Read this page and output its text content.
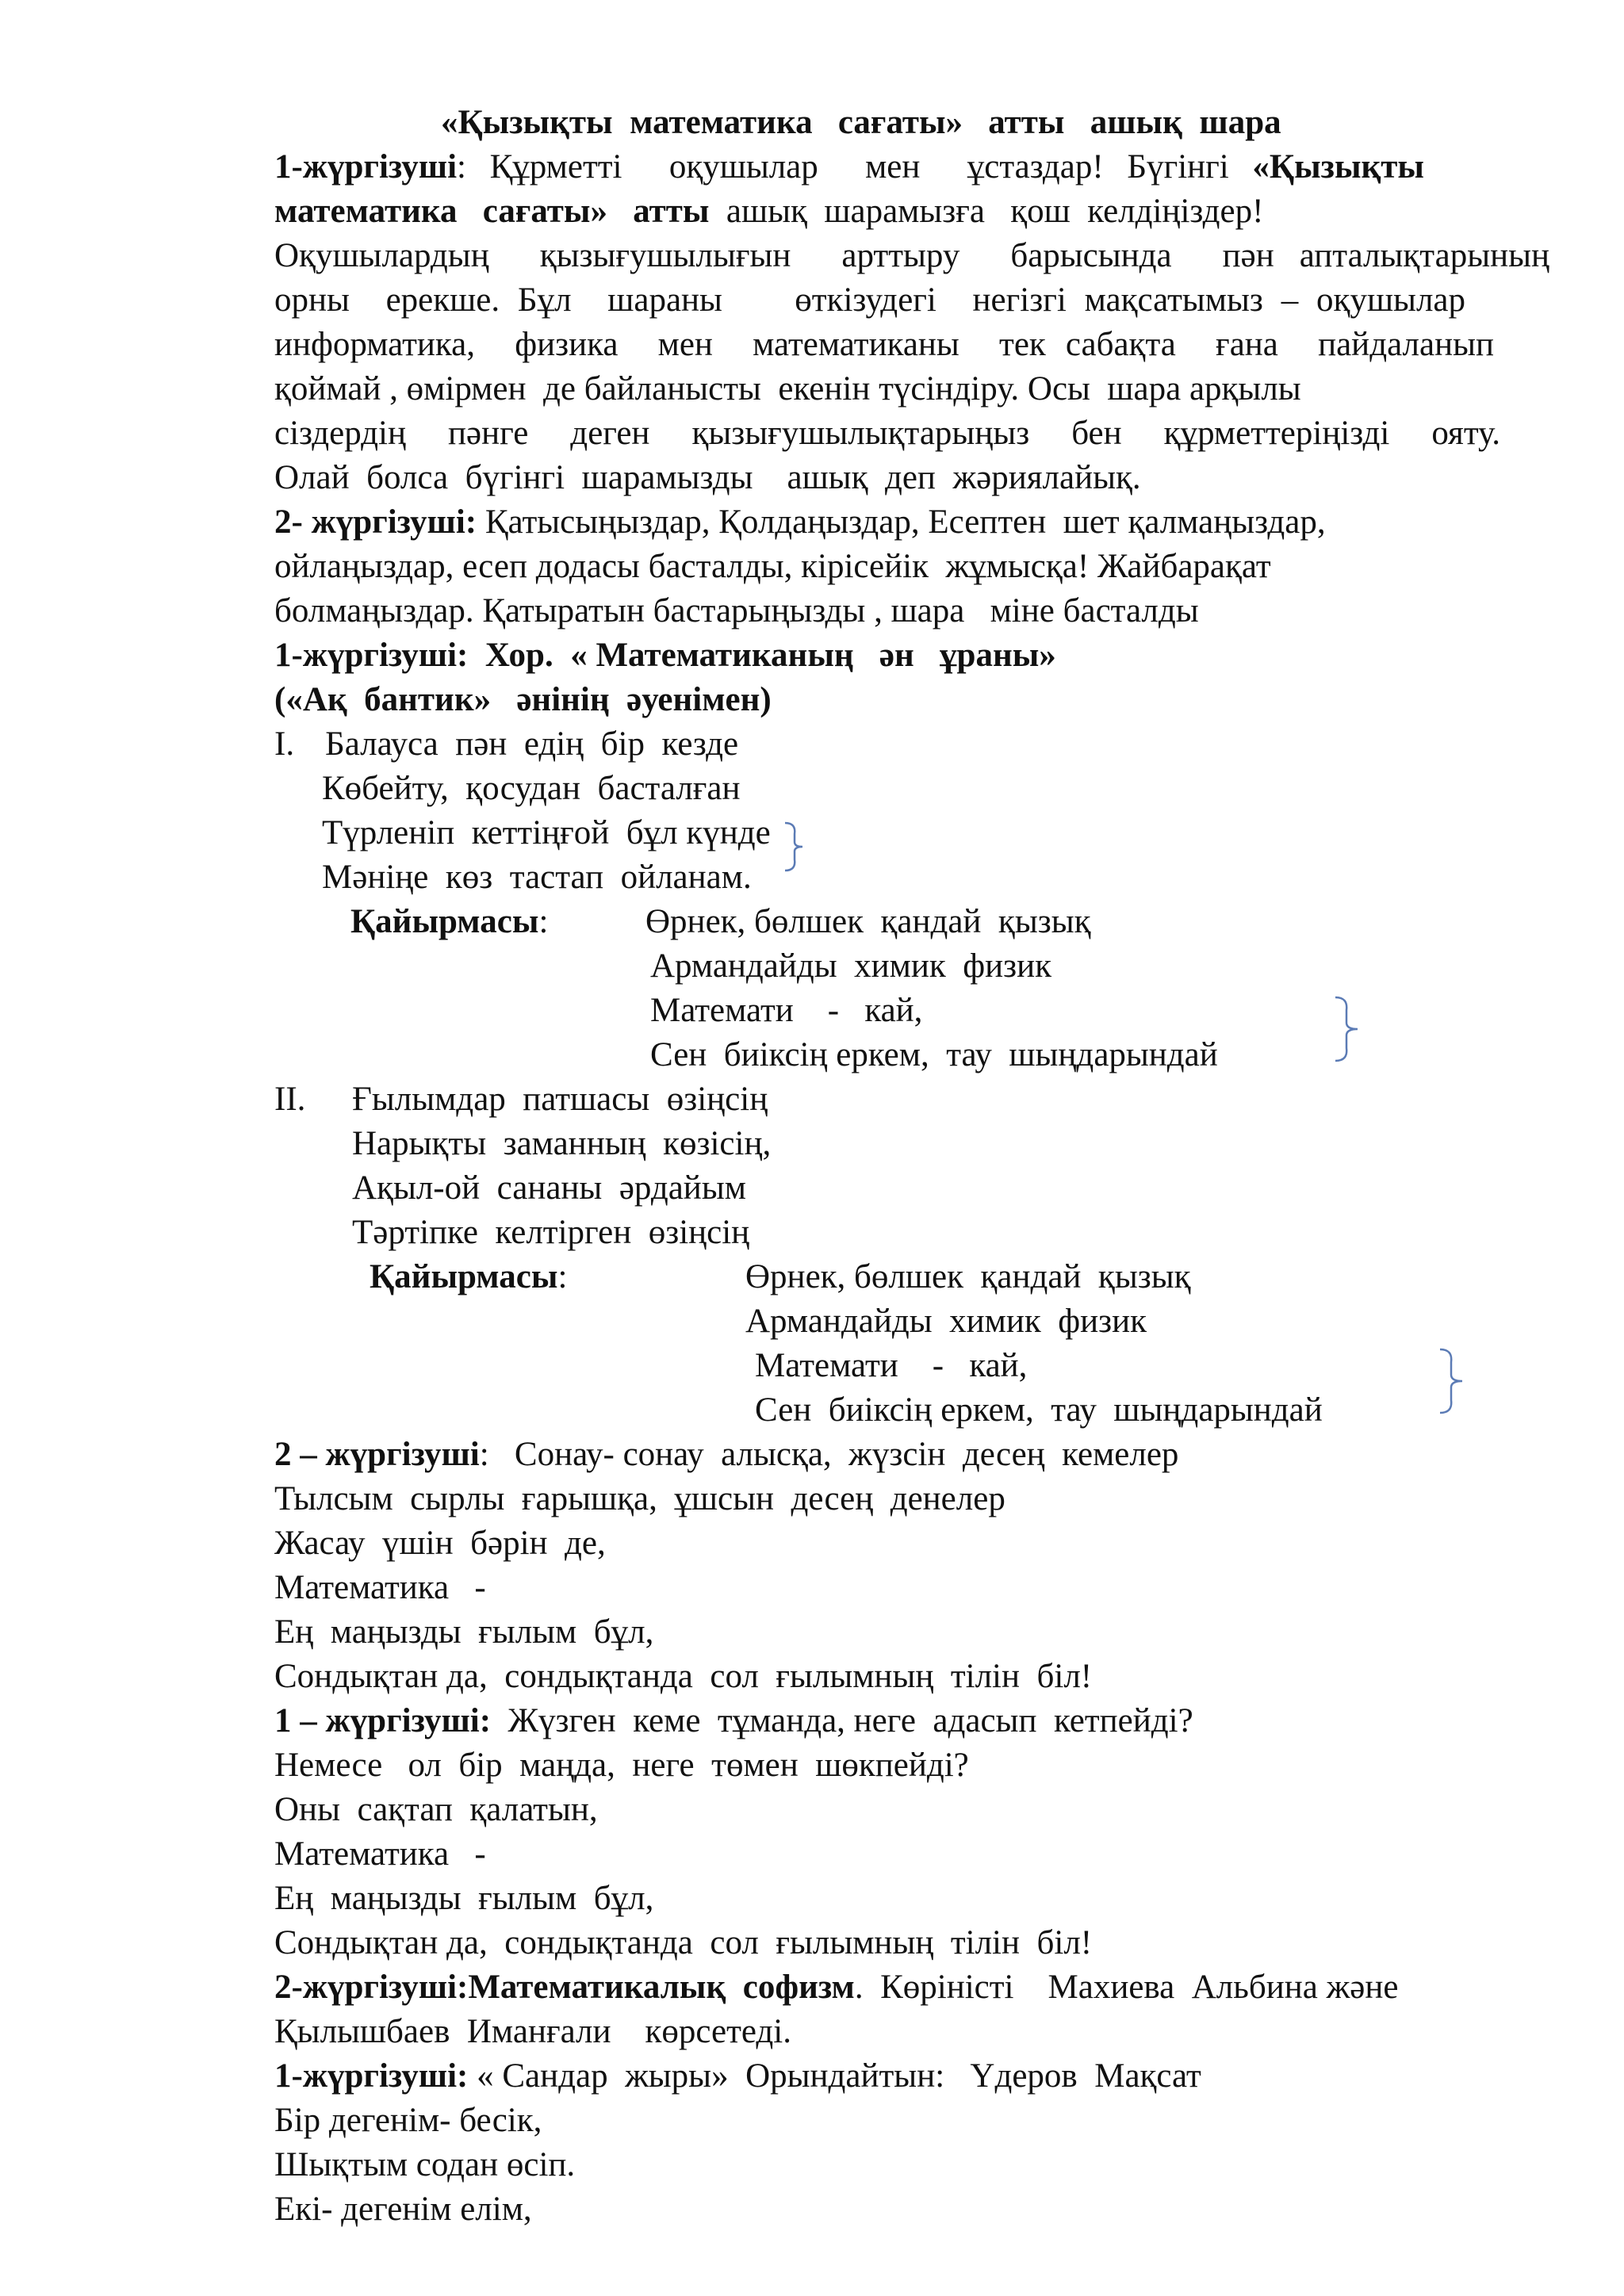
«Қызықты  математика   сағаты»   атты   ашық  шара
1-жүргізуші: Құрметті  оқушылар  мен  ұстаздар! Бүгінгі «Қызықты
математика   сағаты»   атты  ашық  шарамызға   қош  келдіңіздер!
Оқушылардың  қызығушылығын  арттыру  барысында  пән апталықтарының
орны  ерекше. Бұл  шараны    өткізудегі  негізгі мақсатымыз – оқушылар
информатика,  физика  мен  математиканы  тек сабақта  ғана  пайдаланып
қоймай , өмірмен  де байланысты  екенін түсіндіру. Осы  шара арқылы
сіздердің  пәнге  деген  қызығушылықтарыңыз  бен  құрметтеріңізді  ояту.
Олай  болса  бүгінгі  шарамызды    ашық  деп  жәриялайық.
2- жүргізуші: Қатысыңыздар, Қолдаңыздар, Есептен  шет қалмаңыздар,
ойлаңыздар, есеп додасы басталды, кірісейік  жұмысқа! Жайбарақат
болмаңыздар. Қатыратын бастарыңызды , шара   міне басталды
1-жүргізуші:  Хор.  « Математиканың   ән   ұраны»
(«Ақ  бантик»   әнінің  әуенімен)
I. Балауса  пән  едің  бір  кезде
Көбейту,  қосудан  басталған
Түрленіп  кеттіңғой  бұл күнде
Мәніңе  көз  тастап  ойланам.
Қайырмасы:	Өрнек, бөлшек  қандай  қызық
Армандайды  химик  физик
Математи    -   кай,
Сен  биіксің еркем,  тау  шыңдарындай
II. Ғылымдар  патшасы  өзіңсің
Нарықты  заманның  көзісің,
Ақыл-ой  сананы  әрдайым
Тәртіпке  келтірген  өзіңсің
Қайырмасы:	Өрнек, бөлшек  қандай  қызық
Армандайды  химик  физик
Математи    -   кай,
Сен  биіксің еркем,  тау  шыңдарындай
2 – жүргізуші:   Сонау- сонау  алысқа,  жүзсін  десең  кемелер
Тылсым  сырлы  ғарышқа,  ұшсын  десең  денелер
Жасау  үшін  бәрін  де,
Математика   -
Ең  маңызды  ғылым  бұл,
Сондықтан да,  сондықтанда  сол  ғылымның  тілін  біл!
1 – жүргізуші:  Жүзген  кеме  тұманда, неге  адасып  кетпейді?
Немесе   ол  бір  маңда,  неге  төмен  шөкпейді?
Оны  сақтап  қалатын,
Математика   -
Ең  маңызды  ғылым  бұл,
Сондықтан да,  сондықтанда  сол  ғылымның  тілін  біл!
2-жүргізуші:Математикалық  софизм.  Көріністі    Махиева  Альбина және
Қылышбаев  Иманғали    көрсетеді.
1-жүргізуші: « Сандар  жыры»  Орындайтын:   Үдеров  Мақсат
Бір дегенім- бесік,
Шықтым содан өсіп.
Екі- дегенім елім,
